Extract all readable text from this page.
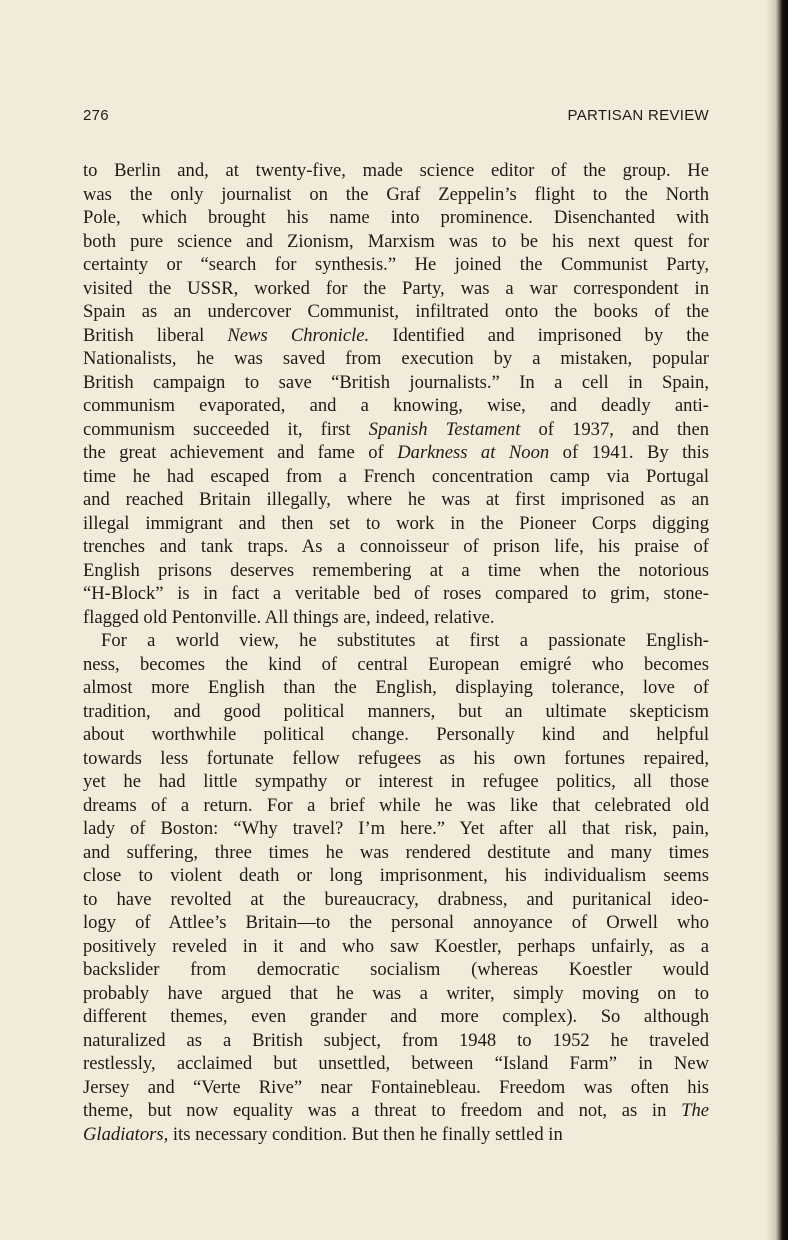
276	PARTISAN REVIEW
to Berlin and, at twenty-five, made science editor of the group. He
was the only journalist on the Graf Zeppelin’s flight to the North
Pole, which brought his name into prominence. Disenchanted with
both pure science and Zionism, Marxism was to be his next quest for
certainty or “search for synthesis.” He joined the Communist Party,
visited the USSR, worked for the Party, was a war correspondent in
Spain as an undercover Communist, infiltrated onto the books of the
British liberal News Chronicle. Identified and imprisoned by the
Nationalists, he was saved from execution by a mistaken, popular
British campaign to save “British journalists.” In a cell in Spain,
communism evaporated, and a knowing, wise, and deadly anti-
communism succeeded it, first Spanish Testament of 1937, and then
the great achievement and fame of Darkness at Noon of 1941. By this
time he had escaped from a French concentration camp via Portugal
and reached Britain illegally, where he was at first imprisoned as an
illegal immigrant and then set to work in the Pioneer Corps digging
trenches and tank traps. As a connoisseur of prison life, his praise of
English prisons deserves remembering at a time when the notorious
“H-Block” is in fact a veritable bed of roses compared to grim, stone-
flagged old Pentonville. All things are, indeed, relative.
For a world view, he substitutes at first a passionate English-
ness, becomes the kind of central European emigré who becomes
almost more English than the English, displaying tolerance, love of
tradition, and good political manners, but an ultimate skepticism
about worthwhile political change. Personally kind and helpful
towards less fortunate fellow refugees as his own fortunes repaired,
yet he had little sympathy or interest in refugee politics, all those
dreams of a return. For a brief while he was like that celebrated old
lady of Boston: “Why travel? I’m here.” Yet after all that risk, pain,
and suffering, three times he was rendered destitute and many times
close to violent death or long imprisonment, his individualism seems
to have revolted at the bureaucracy, drabness, and puritanical ideo-
logy of Attlee’s Britain—to the personal annoyance of Orwell who
positively reveled in it and who saw Koestler, perhaps unfairly, as a
backslider from democratic socialism (whereas Koestler would
probably have argued that he was a writer, simply moving on to
different themes, even grander and more complex). So although
naturalized as a British subject, from 1948 to 1952 he traveled
restlessly, acclaimed but unsettled, between “Island Farm” in New
Jersey and “Verte Rive” near Fontainebleau. Freedom was often his
theme, but now equality was a threat to freedom and not, as in The
Gladiators, its necessary condition. But then he finally settled in
